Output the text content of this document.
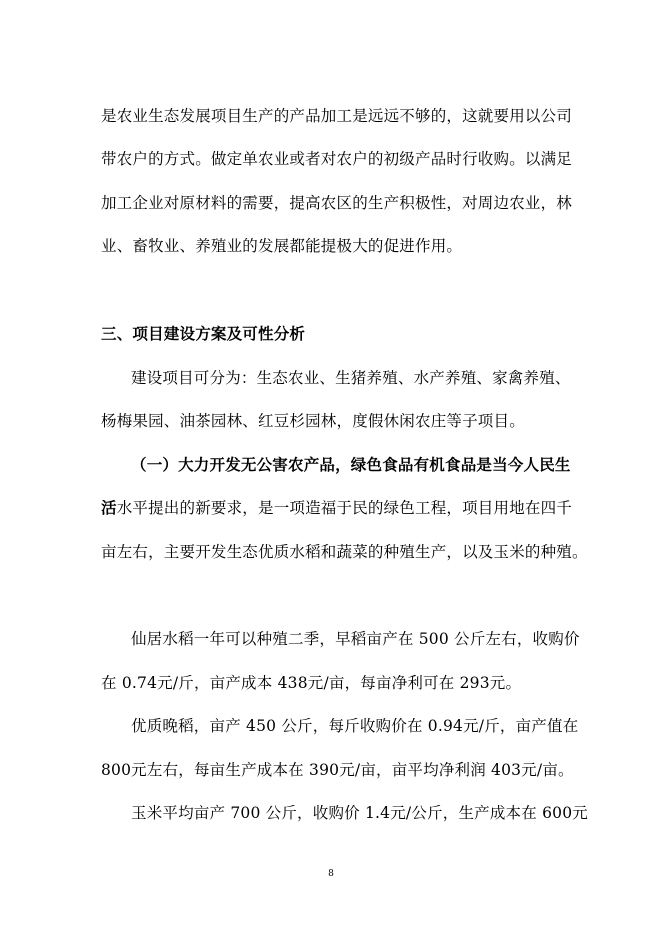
是农业生态发展项目生产的产品加工是远远不够的，这就要用以公司
带农户的方式。做定单农业或者对农户的初级产品时行收购。以满足
加工企业对原材料的需要，提高农区的生产积极性，对周边农业，林
业、畜牧业、养殖业的发展都能提极大的促进作用。
三、项目建设方案及可性分析
建设项目可分为：生态农业、生猪养殖、水产养殖、家禽养殖、
杨梅果园、油茶园林、红豆杉园林，度假休闲农庄等子项目。
（一）大力开发无公害农产品，绿色食品有机食品是当今人民生
活水平提出的新要求，是一项造福于民的绿色工程，项目用地在四千
亩左右，主要开发生态优质水稻和蔬菜的种殖生产，以及玉米的种殖。
仙居水稻一年可以种殖二季，早稻亩产在 500 公斤左右，收购价
在 0.74元/斤，亩产成本 438元/亩，每亩净利可在 293元。
优质晚稻，亩产 450 公斤，每斤收购价在 0.94元/斤，亩产值在
800元左右，每亩生产成本在 390元/亩，亩平均净利润 403元/亩。
玉米平均亩产 700 公斤，收购价 1.4元/公斤，生产成本在 600元
8
